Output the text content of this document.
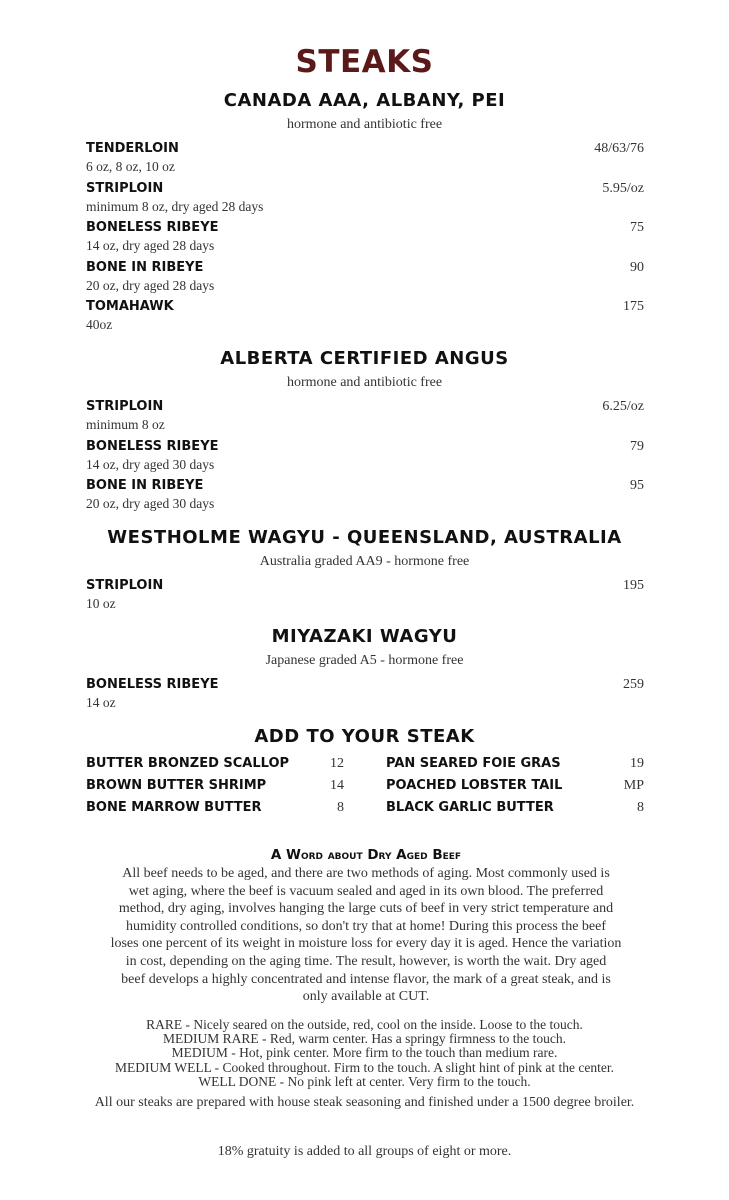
STEAKS
CANADA AAA, ALBANY, PEI
hormone and antibiotic free
TENDERLOIN
6 oz, 8 oz, 10 oz
48/63/76
STRIPLOIN
minimum 8 oz, dry aged 28 days
5.95/oz
BONELESS RIBEYE
14 oz, dry aged 28 days
75
BONE IN RIBEYE
20 oz, dry aged 28 days
90
TOMAHAWK
40oz
175
ALBERTA CERTIFIED ANGUS
hormone and antibiotic free
STRIPLOIN
minimum 8 oz
6.25/oz
BONELESS RIBEYE
14 oz, dry aged 30 days
79
BONE IN RIBEYE
20 oz, dry aged 30 days
95
WESTHOLME WAGYU - QUEENSLAND, AUSTRALIA
Australia graded AA9 - hormone free
STRIPLOIN
10 oz
195
MIYAZAKI WAGYU
Japanese graded A5 - hormone free
BONELESS RIBEYE
14 oz
259
ADD TO YOUR STEAK
BUTTER BRONZED SCALLOP	12	PAN SEARED FOIE GRAS	19
BROWN BUTTER SHRIMP	14	POACHED LOBSTER TAIL	MP
BONE MARROW BUTTER	8	BLACK GARLIC BUTTER	8
A Word about Dry Aged Beef
All beef needs to be aged, and there are two methods of aging. Most commonly used is
wet aging, where the beef is vacuum sealed and aged in its own blood. The preferred
method, dry aging, involves hanging the large cuts of beef in very strict temperature and
humidity controlled conditions, so don't try that at home! During this process the beef
loses one percent of its weight in moisture loss for every day it is aged. Hence the variation
in cost, depending on the aging time. The result, however, is worth the wait. Dry aged
beef develops a highly concentrated and intense flavor, the mark of a great steak, and is
only available at CUT.
RARE - Nicely seared on the outside, red, cool on the inside. Loose to the touch.
MEDIUM RARE - Red, warm center. Has a springy firmness to the touch.
MEDIUM - Hot, pink center. More firm to the touch than medium rare.
MEDIUM WELL - Cooked throughout. Firm to the touch. A slight hint of pink at the center.
WELL DONE - No pink left at center. Very firm to the touch.
All our steaks are prepared with house steak seasoning and finished under a 1500 degree broiler.
18% gratuity is added to all groups of eight or more.
